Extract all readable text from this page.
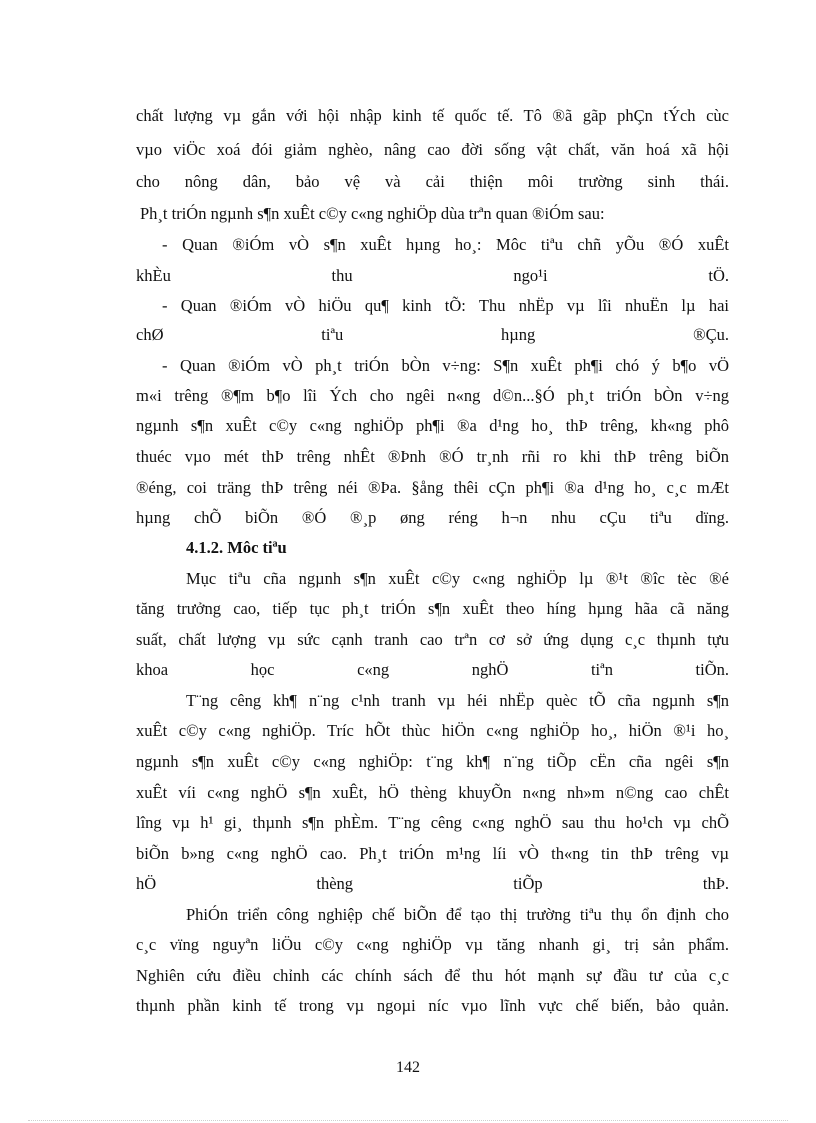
chất lượng vµ gắn với hội nhập kinh tế quốc tế. Tô ®ã gãp phÇn tÝch cùc
vµo viÖc xoá đói giảm nghèo, nâng cao đời sống vật chất, văn hoá xã hội
cho nông dân, bảo vệ và cải thiện môi trường sinh thái.
Ph¸t triÓn ngµnh s¶n xuÊt c©y c«ng nghiÖp dùa trªn quan ®iÓm sau:
- Quan ®iÓm vÒ s¶n xuÊt hµng ho¸: Môc tiªu chñ yÕu ®Ó xuÊt
khÈu thu ngo¹i tÖ.
- Quan ®iÓm vÒ hiÖu qu¶ kinh tÕ: Thu nhËp vµ lîi nhuËn lµ hai
chØ tiªu hµng ®Çu.
- Quan ®iÓm vÒ ph¸t triÓn bÒn v÷ng: S¶n xuÊt ph¶i chó ý b¶o vÖ
m«i trêng ®¶m b¶o lîi Ých cho ngêi n«ng d©n...§Ó ph¸t triÓn bÒn v÷ng
ngµnh s¶n xuÊt c©y c«ng nghiÖp ph¶i ®a d¹ng ho¸ thÞ trêng, kh«ng phô
thuéc vµo mét thÞ trêng nhÊt ®Þnh ®Ó tr¸nh rñi ro khi thÞ trêng biÕn
®éng, coi träng thÞ trêng néi ®Þa. §ång thêi cÇn ph¶i ®a d¹ng ho¸ c¸c mÆt
hµng chÕ biÕn ®Ó ®¸p øng réng h¬n nhu cÇu tiªu dïng.
4.1.2. Môc tiªu
Mục tiªu cña ngµnh s¶n xuÊt c©y c«ng nghiÖp lµ ®¹t ®îc tèc ®é
tăng trưởng cao, tiếp tục ph¸t triÓn s¶n xuÊt theo híng hµng hãa cã năng
suất, chất lượng vµ sức cạnh tranh cao trªn cơ sở ứng dụng c¸c thµnh tựu
khoa học c«ng nghÖ tiªn tiÕn.
T¨ng cêng kh¶ n¨ng c¹nh tranh vµ héi nhËp quèc tÕ cña ngµnh s¶n
xuÊt c©y c«ng nghiÖp. Tríc hÕt thùc hiÖn c«ng nghiÖp ho¸, hiÖn ®¹i ho¸
ngµnh s¶n xuÊt c©y c«ng nghiÖp: t¨ng kh¶ n¨ng tiÕp cËn cña ngêi s¶n
xuÊt víi c«ng nghÖ s¶n xuÊt, hÖ thèng khuyÕn n«ng nh»m n©ng cao chÊt
lîng vµ h¹ gi¸ thµnh s¶n phÈm. T¨ng cêng c«ng nghÖ sau thu ho¹ch vµ chÕ
biÕn b»ng c«ng nghÖ cao. Ph¸t triÓn m¹ng líi vÒ th«ng tin thÞ trêng vµ
hÖ thèng tiÕp thÞ.
PhiÓn triển công nghiệp chế biÕn để tạo thị trường tiªu thụ ổn định cho
c¸c vïng nguyªn liÖu c©y c«ng nghiÖp vµ tăng nhanh gi¸ trị sản phẩm.
Nghiên cứu điều chỉnh các chính sách để thu hót mạnh sự đầu tư của c¸c
thµnh phần kinh tế trong vµ ngoµi níc vµo lĩnh vực chế biến, bảo quản.
142
